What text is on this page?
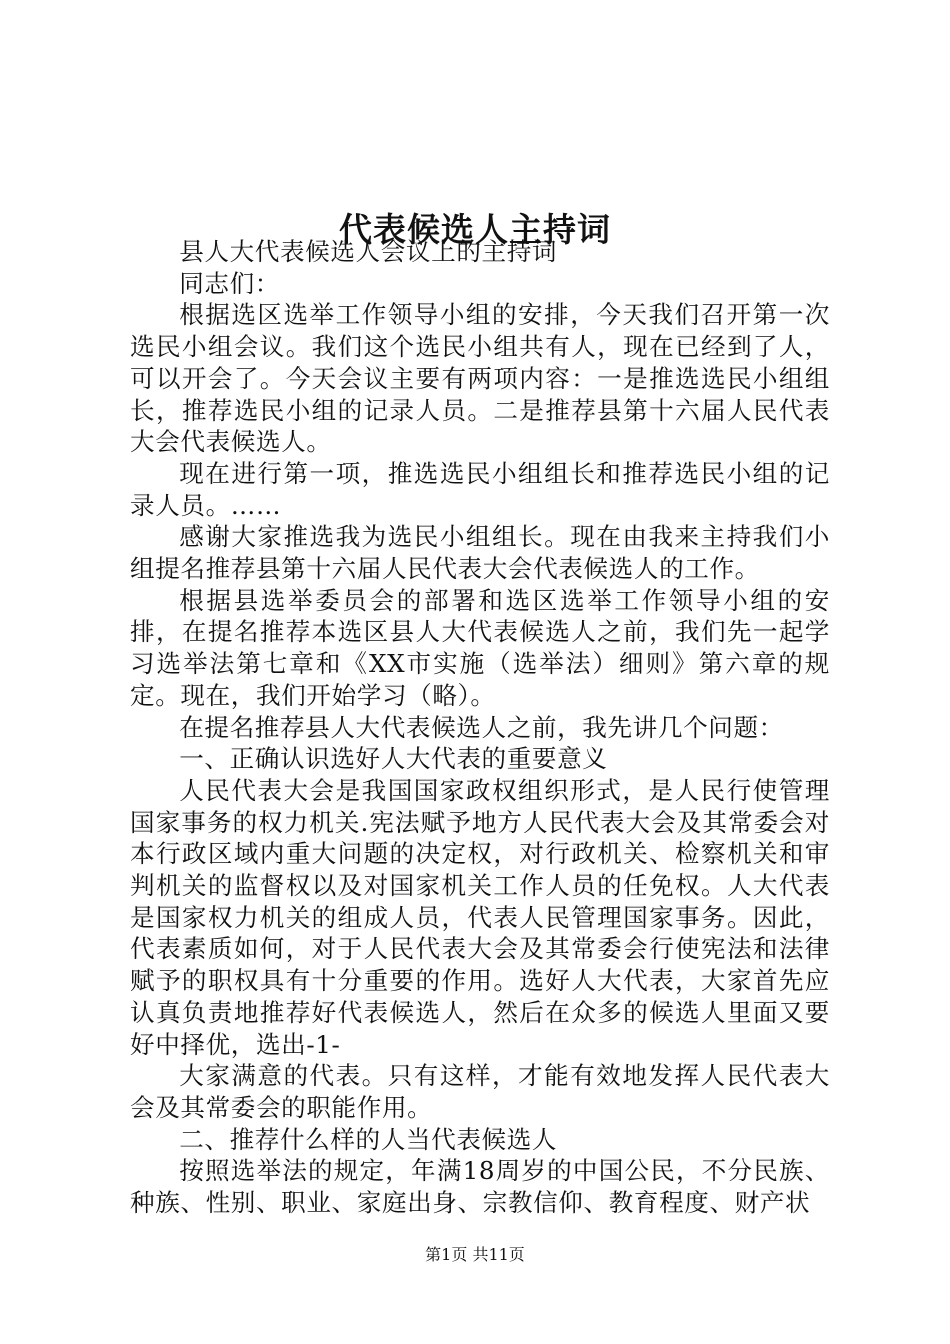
代表候选人主持词

县人大代表候选人会议上的主持词

同志们：

根据选区选举工作领导小组的安排，今天我们召开第一次选民小组会议。我们这个选民小组共有人，现在已经到了人，可以开会了。今天会议主要有两项内容：一是推选选民小组组长，推荐选民小组的记录人员。二是推荐县第十六届人民代表大会代表候选人。

现在进行第一项，推选选民小组组长和推荐选民小组的记录人员。……

感谢大家推选我为选民小组组长。现在由我来主持我们小组提名推荐县第十六届人民代表大会代表候选人的工作。

根据县选举委员会的部署和选区选举工作领导小组的安排，在提名推荐本选区县人大代表候选人之前，我们先一起学习选举法第七章和《XX市实施（选举法）细则》第六章的规定。现在，我们开始学习（略）。

在提名推荐县人大代表候选人之前，我先讲几个问题：

一、正确认识选好人大代表的重要意义

人民代表大会是我国国家政权组织形式，是人民行使管理国家事务的权力机关.宪法赋予地方人民代表大会及其常委会对本行政区域内重大问题的决定权，对行政机关、检察机关和审判机关的监督权以及对国家机关工作人员的任免权。人大代表是国家权力机关的组成人员，代表人民管理国家事务。因此，代表素质如何，对于人民代表大会及其常委会行使宪法和法律赋予的职权具有十分重要的作用。选好人大代表，大家首先应认真负责地推荐好代表候选人，然后在众多的候选人里面又要好中择优，选出-1-

大家满意的代表。只有这样，才能有效地发挥人民代表大会及其常委会的职能作用。

二、推荐什么样的人当代表候选人

按照选举法的规定，年满18周岁的中国公民，不分民族、种族、性别、职业、家庭出身、宗教信仰、教育程度、财产状

第1页 共11页
